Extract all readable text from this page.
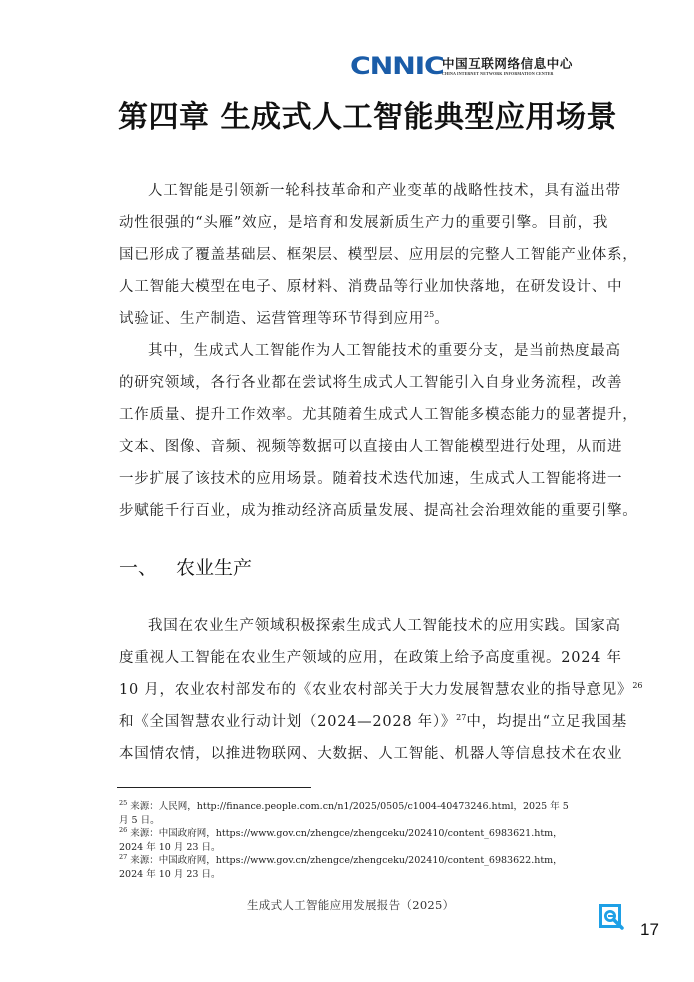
CNNIC
中国互联网络信息中心
CHINA INTERNET NETWORK INFORMATION CENTER
第四章 生成式人工智能典型应用场景
人工智能是引领新一轮科技革命和产业变革的战略性技术，具有溢出带
动性很强的“头雁”效应，是培育和发展新质生产力的重要引擎。目前，我
国已形成了覆盖基础层、框架层、模型层、应用层的完整人工智能产业体系，
人工智能大模型在电子、原材料、消费品等行业加快落地，在研发设计、中
试验证、生产制造、运营管理等环节得到应用$^{25}$。
其中，生成式人工智能作为人工智能技术的重要分支，是当前热度最高
的研究领域，各行各业都在尝试将生成式人工智能引入自身业务流程，改善
工作质量、提升工作效率。尤其随着生成式人工智能多模态能力的显著提升，
文本、图像、音频、视频等数据可以直接由人工智能模型进行处理，从而进
一步扩展了该技术的应用场景。随着技术迭代加速，生成式人工智能将进一
步赋能千行百业，成为推动经济高质量发展、提高社会治理效能的重要引擎。
一、 农业生产
我国在农业生产领域积极探索生成式人工智能技术的应用实践。国家高
度重视人工智能在农业生产领域的应用，在政策上给予高度重视。2024 年
10 月，农业农村部发布的《农业农村部关于大力发展智慧农业的指导意见》$^{26}$
和《全国智慧农业行动计划（2024—2028 年）》$^{27}$中，均提出“立足我国基
本国情农情，以推进物联网、大数据、人工智能、机器人等信息技术在农业
$^{25}$ 来源：人民网，http://finance.people.com.cn/n1/2025/0505/c1004-40473246.html，2025 年 5 月 5 日。
$^{26}$ 来源：中国政府网，https://www.gov.cn/zhengce/zhengceku/202410/content_6983621.htm，2024 年 10 月 23 日。
$^{27}$ 来源：中国政府网，https://www.gov.cn/zhengce/zhengceku/202410/content_6983622.htm，2024 年 10 月 23 日。
生成式人工智能应用发展报告（2025）
17
